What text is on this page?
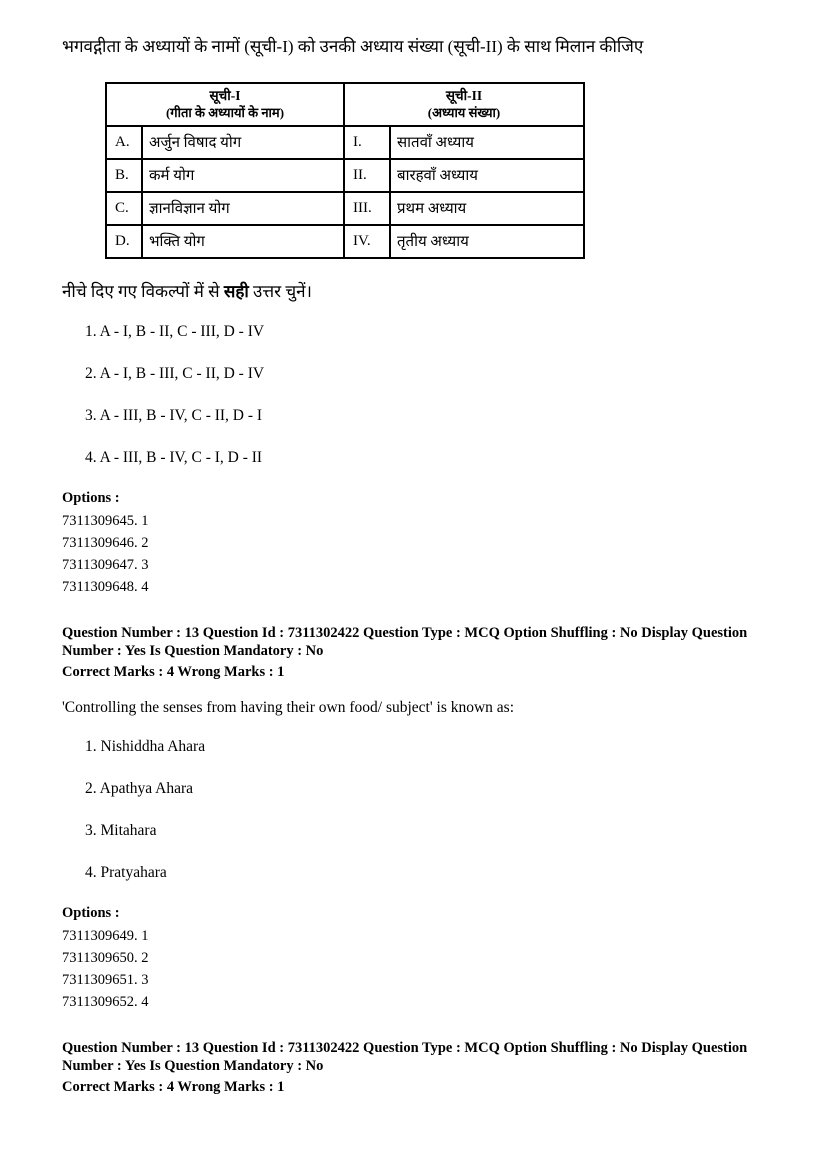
भगवद्गीता के अध्यायों के नामों (सूची-I) को उनकी अध्याय संख्या (सूची-II) के साथ मिलान कीजिए

सूची-I
(गीता के अध्यायों के नाम)

सूची-II
(अध्याय संख्या)

A.	अर्जुन विषाद योग	I.	सातवाँ अध्याय
B.	कर्म योग	II.	बारहवाँ अध्याय
C.	ज्ञानविज्ञान योग	III.	प्रथम अध्याय
D.	भक्ति योग	IV.	तृतीय अध्याय

नीचे दिए गए विकल्पों में से सही उत्तर चुनें।

1. A - I, B - II, C - III, D - IV
2. A - I, B - III, C - II, D - IV
3. A - III, B - IV, C - II, D - I
4. A - III, B - IV, C - I, D - II
Options :
7311309645. 1
7311309646. 2
7311309647. 3
7311309648. 4
Question Number : 13 Question Id : 7311302422 Question Type : MCQ Option Shuffling : No Display Question
Number : Yes Is Question Mandatory : No
Correct Marks : 4 Wrong Marks : 1

'Controlling the senses from having their own food/ subject' is known as:

1. Nishiddha Ahara
2. Apathya Ahara
3. Mitahara
4. Pratyahara
Options :
7311309649. 1
7311309650. 2
7311309651. 3
7311309652. 4
Question Number : 13 Question Id : 7311302422 Question Type : MCQ Option Shuffling : No Display Question
Number : Yes Is Question Mandatory : No
Correct Marks : 4 Wrong Marks : 1
